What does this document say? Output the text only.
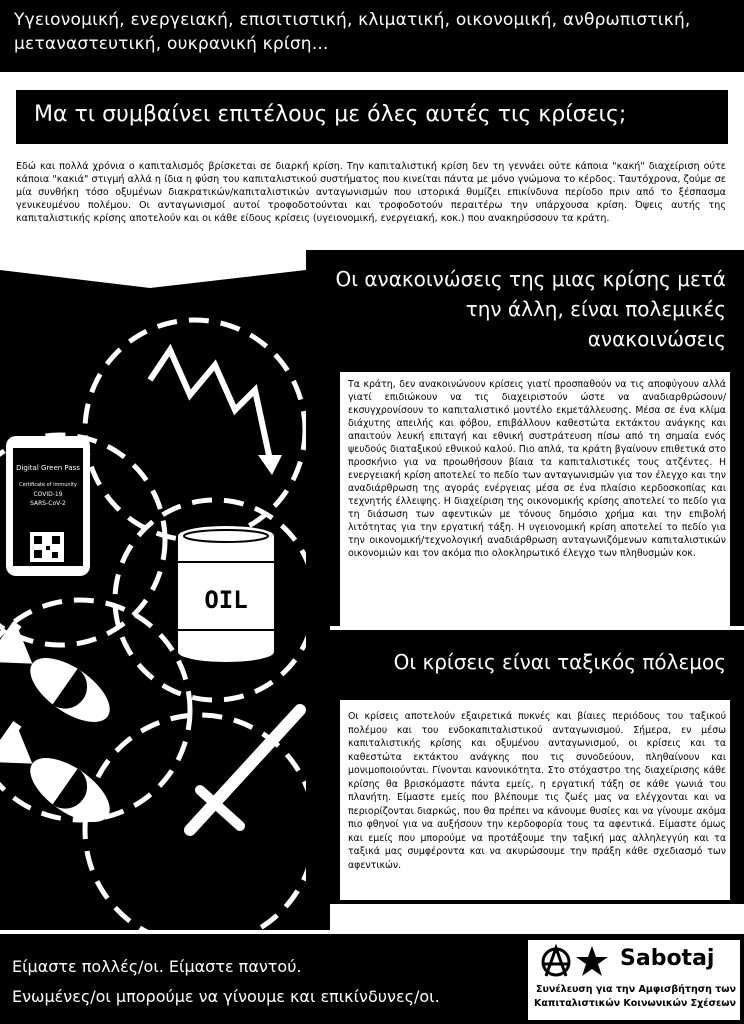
Υγειονομική, ενεργειακή, επισιτιστική, κλιματική, οικονομική, ανθρωπιστική, μεταναστευτική, ουκρανική κρίση...
Μα τι συμβαίνει επιτέλους με όλες αυτές τις κρίσεις;
Εδώ και πολλά χρόνια ο καπιταλισμός βρίσκεται σε διαρκή κρίση. Την καπιταλιστική κρίση δεν τη γεννάει ούτε κάποια "κακή" διαχείριση ούτε κάποια "κακιά" στιγμή αλλά η ίδια η φύση του καπιταλιστικού συστήματος που κινείται πάντα με μόνο γνώμονα το κέρδος. Ταυτόχρονα, ζούμε σε μία συνθήκη τόσο οξυμένων διακρατικών/καπιταλιστικών ανταγωνισμών που ιστορικά θυμίζει επικίνδυνα περίοδο πριν από το ξέσπασμα γενικευμένου πολέμου. Οι ανταγωνισμοί αυτοί τροφοδοτούνται και τροφοδοτούν περαιτέρω την υπάρχουσα κρίση. Όψεις αυτής της καπιταλιστικής κρίσης αποτελούν και οι κάθε είδους κρίσεις (υγειονομική, ενεργειακή, κοκ.) που ανακηρύσσουν τα κράτη.
Digital Green Pass
Certificate of immunity
COVID-19
SARS-CoV-2
OIL
Οι ανακοινώσεις της μιας κρίσης μετά την άλλη, είναι πολεμικές ανακοινώσεις
Τα κράτη, δεν ανακοινώνουν κρίσεις γιατί προσπαθούν να τις αποφύγουν αλλά γιατί επιδιώκουν να τις διαχειριστούν ώστε να αναδιαρθρώσουν/εκσυγχρονίσουν το καπιταλιστικό μοντέλο εκμετάλλευσης. Μέσα σε ένα κλίμα διάχυτης απειλής και φόβου, επιβάλλουν καθεστώτα εκτάκτου ανάγκης και απαιτούν λευκή επιταγή και εθνική συστράτευση πίσω από τη σημαία ενός ψευδούς διαταξικού εθνικού καλού. Πιο απλά, τα κράτη βγαίνουν επιθετικά στο προσκήνιο για να προωθήσουν βίαια τα καπιταλιστικές τους ατζέντες. Η ενεργειακή κρίση αποτελεί το πεδίο των ανταγωνισμών για τον έλεγχο και την αναδιάρθρωση της αγοράς ενέργειας μέσα σε ένα πλαίσιο κερδοσκοπίας και τεχνητής έλλειψης. Η διαχείριση της οικονομικής κρίσης αποτελεί το πεδίο για τη διάσωση των αφεντικών με τόνους δημόσιο χρήμα και την επιβολή λιτότητας για την εργατική τάξη. Η υγειονομική κρίση αποτελεί το πεδίο για την οικονομική/τεχνολογική αναδιάρθρωση ανταγωνιζόμενων καπιταλιστικών οικονομιών και τον ακόμα πιο ολοκληρωτικό έλεγχο των πληθυσμών κοκ.
Οι κρίσεις είναι ταξικός πόλεμος
Οι κρίσεις αποτελούν εξαιρετικά πυκνές και βίαιες περιόδους του ταξικού πολέμου και του ενδοκαπιταλιστικού ανταγωνισμού. Σήμερα, εν μέσω καπιταλιστικής κρίσης και οξυμένου ανταγωνισμού, οι κρίσεις και τα καθεστώτα εκτάκτου ανάγκης που τις συνοδεύουν, πληθαίνουν και μονιμοποιούνται. Γίνονται κανονικότητα. Στο στόχαστρο της διαχείρισης κάθε κρίσης θα βρισκόμαστε πάντα εμείς, η εργατική τάξη σε κάθε γωνιά του πλανήτη. Είμαστε εμείς που βλέπουμε τις ζωές μας να ελέγχονται και να περιορίζονται διαρκώς, που θα πρέπει να κάνουμε θυσίες και να γίνουμε ακόμα πιο φθηνοί για να αυξήσουν την κερδοφορία τους τα αφεντικά. Είμαστε όμως και εμείς που μπορούμε να προτάξουμε την ταξική μας αλληλεγγύη και τα ταξικά μας συμφέροντα και να ακυρώσουμε την πράξη κάθε σχεδιασμό των αφεντικών.
Είμαστε πολλές/οι. Είμαστε παντού.
Ενωμένες/οι μπορούμε να γίνουμε και επικίνδυνες/οι.
Sabotaj
Συνέλευση για την Αμφισβήτηση των
Καπιταλιστικών Κοινωνικών Σχέσεων
